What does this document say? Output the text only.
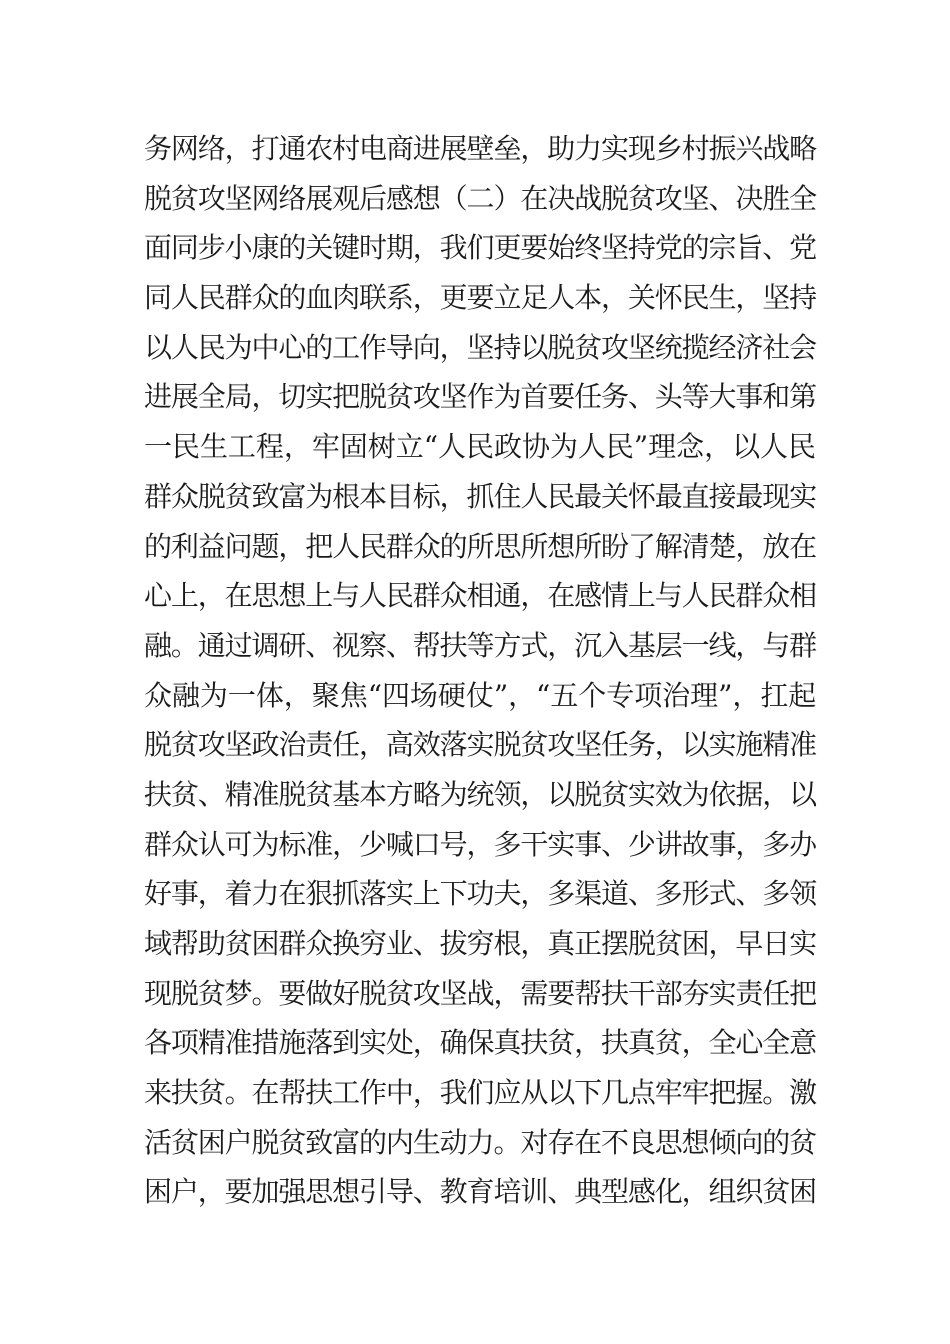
务网络，打通农村电商进展壁垒，助力实现乡村振兴战略
脱贫攻坚网络展观后感想（二）在决战脱贫攻坚、决胜全
面同步小康的关键时期，我们更要始终坚持党的宗旨、党
同人民群众的血肉联系，更要立足人本，关怀民生，坚持
以人民为中心的工作导向，坚持以脱贫攻坚统揽经济社会
进展全局，切实把脱贫攻坚作为首要任务、头等大事和第
一民生工程，牢固树立“人民政协为人民”理念，以人民
群众脱贫致富为根本目标，抓住人民最关怀最直接最现实
的利益问题，把人民群众的所思所想所盼了解清楚，放在
心上，在思想上与人民群众相通，在感情上与人民群众相
融。通过调研、视察、帮扶等方式，沉入基层一线，与群
众融为一体，聚焦“四场硬仗”，“五个专项治理”，扛起
脱贫攻坚政治责任，高效落实脱贫攻坚任务，以实施精准
扶贫、精准脱贫基本方略为统领，以脱贫实效为依据，以
群众认可为标准，少喊口号，多干实事、少讲故事，多办
好事，着力在狠抓落实上下功夫，多渠道、多形式、多领
域帮助贫困群众换穷业、拔穷根，真正摆脱贫困，早日实
现脱贫梦。要做好脱贫攻坚战，需要帮扶干部夯实责任把
各项精准措施落到实处，确保真扶贫，扶真贫，全心全意
来扶贫。在帮扶工作中，我们应从以下几点牢牢把握。激
活贫困户脱贫致富的内生动力。对存在不良思想倾向的贫
困户，要加强思想引导、教育培训、典型感化，组织贫困
